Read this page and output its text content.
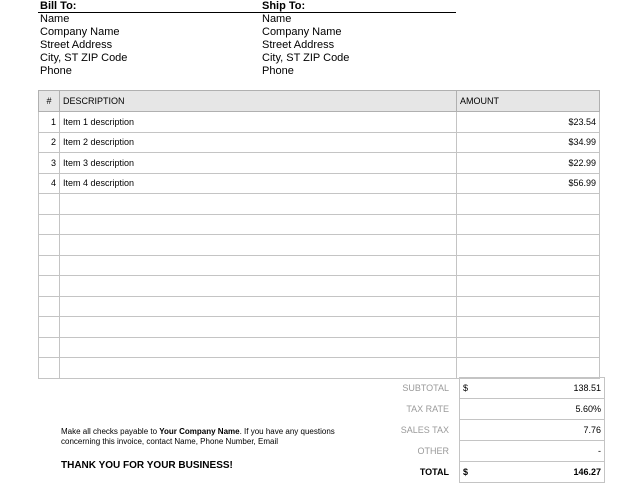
Bill To:
Name
Company Name
Street Address
City, ST ZIP Code
Phone
Ship To:
Name
Company Name
Street Address
City, ST ZIP Code
Phone
#	DESCRIPTION	AMOUNT
1	Item 1 description	$23.54
2	Item 2 description	$34.99
3	Item 3 description	$22.99
4	Item 4 description	$56.99

SUBTOTAL	$	138.51
TAX RATE		5.60%
SALES TAX		7.76
OTHER		-
TOTAL	$	146.27
Make all checks payable to Your Company Name. If you have any questions concerning this invoice, contact Name, Phone Number, Email
THANK YOU FOR YOUR BUSINESS!
